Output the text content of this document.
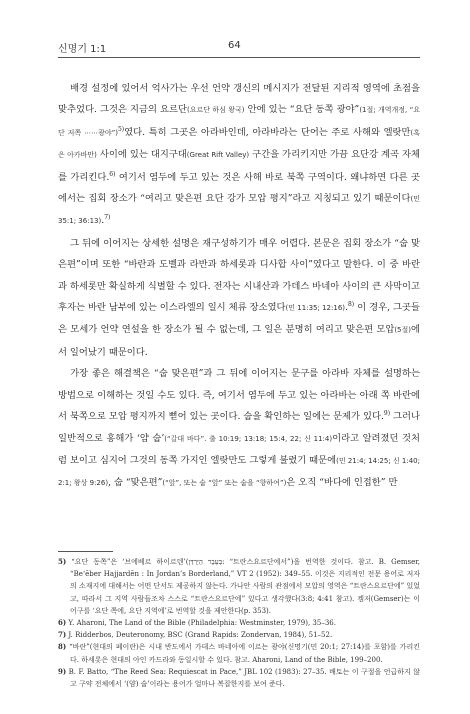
신명기 1:1	64

배경 설정에 있어서 억사가는 우선 언약 갱신의 메시지가 전달된 지리적 영역에 초점을 맞추었다. 그것은 지금의 요르단(요르단 하심 왕국) 안에 있는 “요단 동쪽 광야”(1절; 개역개정, “요단 저쪽 ⋯⋯광야”)$^{5)}$였다. 특히 그곳은 아라바인데, 아라바라는 단어는 주로 사해와 엘랏만(혹은 아카바만) 사이에 있는 대지구대(Great Rift Valley) 구간을 가리키지만 가끔 요단강 계곡 자체를 가리킨다.$^{6)}$ 여기서 염두에 두고 있는 것은 사해 바로 북쪽 구역이다. 왜냐하면 다른 곳에서는 집회 장소가 “여리고 맞은편 요단 강가 모압 평지”라고 지칭되고 있기 때문이다(민 35:1; 36:13).$^{7)}$

그 뒤에 이어지는 상세한 설명은 재구성하기가 매우 어렵다. 본문은 집회 장소가 “숩 맞은편”이며 또한 “바란과 도벨과 라반과 하세롯과 디사합 사이”였다고 말한다. 이 중 바란과 하세롯만 확실하게 식별할 수 있다. 전자는 시내산과 가데스 바네아 사이의 큰 사막이고 후자는 바란 남부에 있는 이스라엘의 일시 체류 장소였다(민 11:35; 12:16).$^{8)}$ 이 경우, 그곳들은 모세가 언약 연설을 한 장소가 될 수 없는데, 그 일은 분명히 여리고 맞은편 모압(5절)에서 일어났기 때문이다.

가장 좋은 해결책은 “숩 맞은편”과 그 뒤에 이어지는 문구를 아라바 자체를 설명하는 방법으로 이해하는 것일 수도 있다. 즉, 여기서 염두에 두고 있는 아라바는 아래 쪽 바란에서 북쪽으로 모압 평지까지 뻗어 있는 곳이다. 숩을 확인하는 일에는 문제가 있다.$^{9)}$ 그러나 일반적으로 홍해가 ‘얌 숩’(“갈대 바다”. 출 10:19; 13:18; 15:4, 22; 신 11:4)이라고 알려졌던 것처럼 보이고 심지어 그것의 동쪽 가지인 엘랏만도 그렇게 불렸기 때문에(민 21:4; 14:25; 신 1:40; 2:1; 왕상 9:26), 숩 “맞은편”(“앞”, 또는 숩 “앞” 또는 숩을 “향하여”)은 오직 “바다에 인접한” 만

5) “요단 동쪽”은 ‘브에베르 하이르덴’(בְּעֵבֶר הַיַּרְדֵּן: “트란스요르단에서”)을 번역한 것이다. 참고. B. Gemser, “Be‘ēber Hajjardēn : In Jordan’s Borderland,” VT 2 (1952): 349–55. 이것은 지리적인 전문 용어로 저자의 소재지에 대해서는 어떤 단서도 제공하지 않는다. 가나안 사람의 관점에서 모압의 영역은 “트란스요르단에” 있었고, 따라서 그 지역 사람들조차 스스로 “트란스요르단에” 있다고 생각했다(3:8; 4:41 참고). 겜저(Gemser)는 이 어구를 ‘요단 쪽에, 요단 지역에’로 번역할 것을 제안한다(p. 353).

6) Y. Aharoni, The Land of the Bible (Philadelphia: Westminster, 1979), 35–36.

7) J. Ridderbos, Deuteronomy, BSC (Grand Rapids: Zondervan, 1984), 51–52.

8) “바란”(현대의 페이란)은 시내 반도에서 가데스 바네아에 이르는 광야(신명기(민 20:1; 27:14)를 포함)를 가리킨다. 하세롯은 현대의 아인 카드라와 동일시할 수 있다. 참고. Aharoni, Land of the Bible, 199–200.

9) B. F. Batto, “The Reed Sea: Requiescat in Pace,” JBL 102 (1983): 27–35. 배토는 이 구절을 언급하지 않고 구약 전체에서 ‘(얌) 숩’이라는 용어가 얼마나 복잡한지를 보여 준다.
